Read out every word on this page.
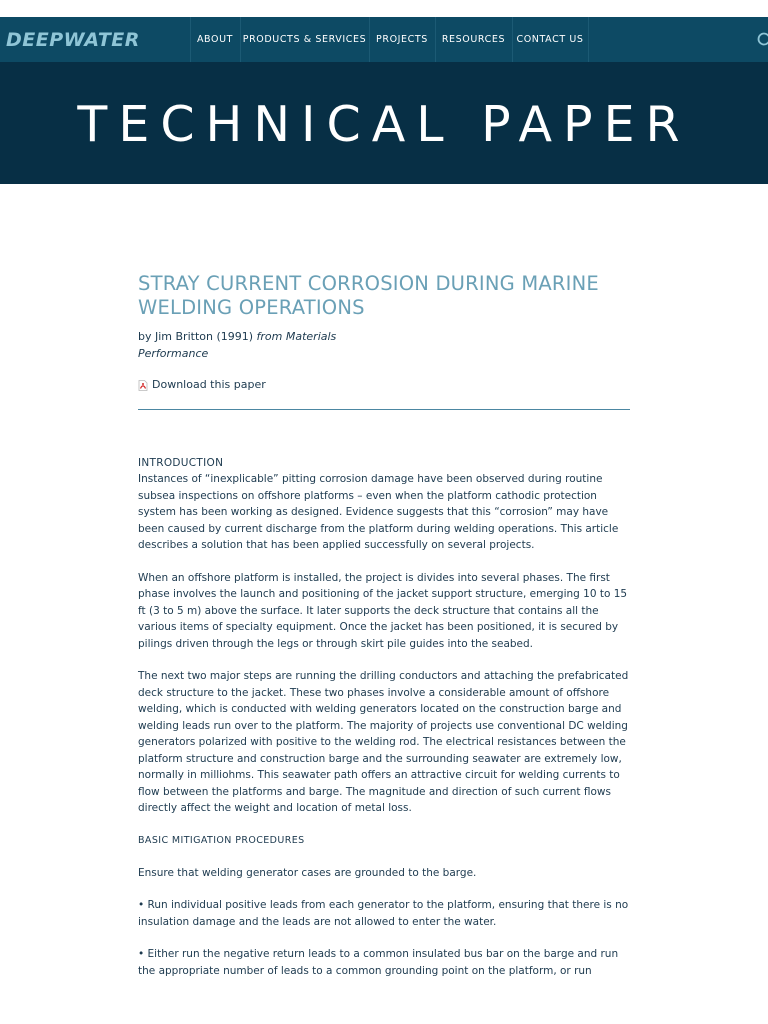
DEEPWATER	ABOUT	PRODUCTS & SERVICES	PROJECTS	RESOURCES	CONTACT US
TECHNICAL PAPER
STRAY CURRENT CORROSION DURING MARINE
WELDING OPERATIONS
by Jim Britton (1991) from Materials
Performance
Download this paper
INTRODUCTION

Instances of “inexplicable” pitting corrosion damage have been observed during routine subsea inspections on offshore platforms – even when the platform cathodic protection system has been working as designed. Evidence suggests that this “corrosion” may have been caused by current discharge from the platform during welding operations. This article describes a solution that has been applied successfully on several projects.

When an offshore platform is installed, the project is divides into several phases. The first phase involves the launch and positioning of the jacket support structure, emerging 10 to 15 ft (3 to 5 m) above the surface. It later supports the deck structure that contains all the various items of specialty equipment. Once the jacket has been positioned, it is secured by pilings driven through the legs or through skirt pile guides into the seabed.

The next two major steps are running the drilling conductors and attaching the prefabricated deck structure to the jacket. These two phases involve a considerable amount of offshore welding, which is conducted with welding generators located on the construction barge and welding leads run over to the platform. The majority of projects use conventional DC welding generators polarized with positive to the welding rod. The electrical resistances between the platform structure and construction barge and the surrounding seawater are extremely low, normally in milliohms. This seawater path offers an attractive circuit for welding currents to flow between the platforms and barge. The magnitude and direction of such current flows directly affect the weight and location of metal loss.

BASIC MITIGATION PROCEDURES

Ensure that welding generator cases are grounded to the barge.

• Run individual positive leads from each generator to the platform, ensuring that there is no insulation damage and the leads are not allowed to enter the water.

• Either run the negative return leads to a common insulated bus bar on the barge and run the appropriate number of leads to a common grounding point on the platform, or run
